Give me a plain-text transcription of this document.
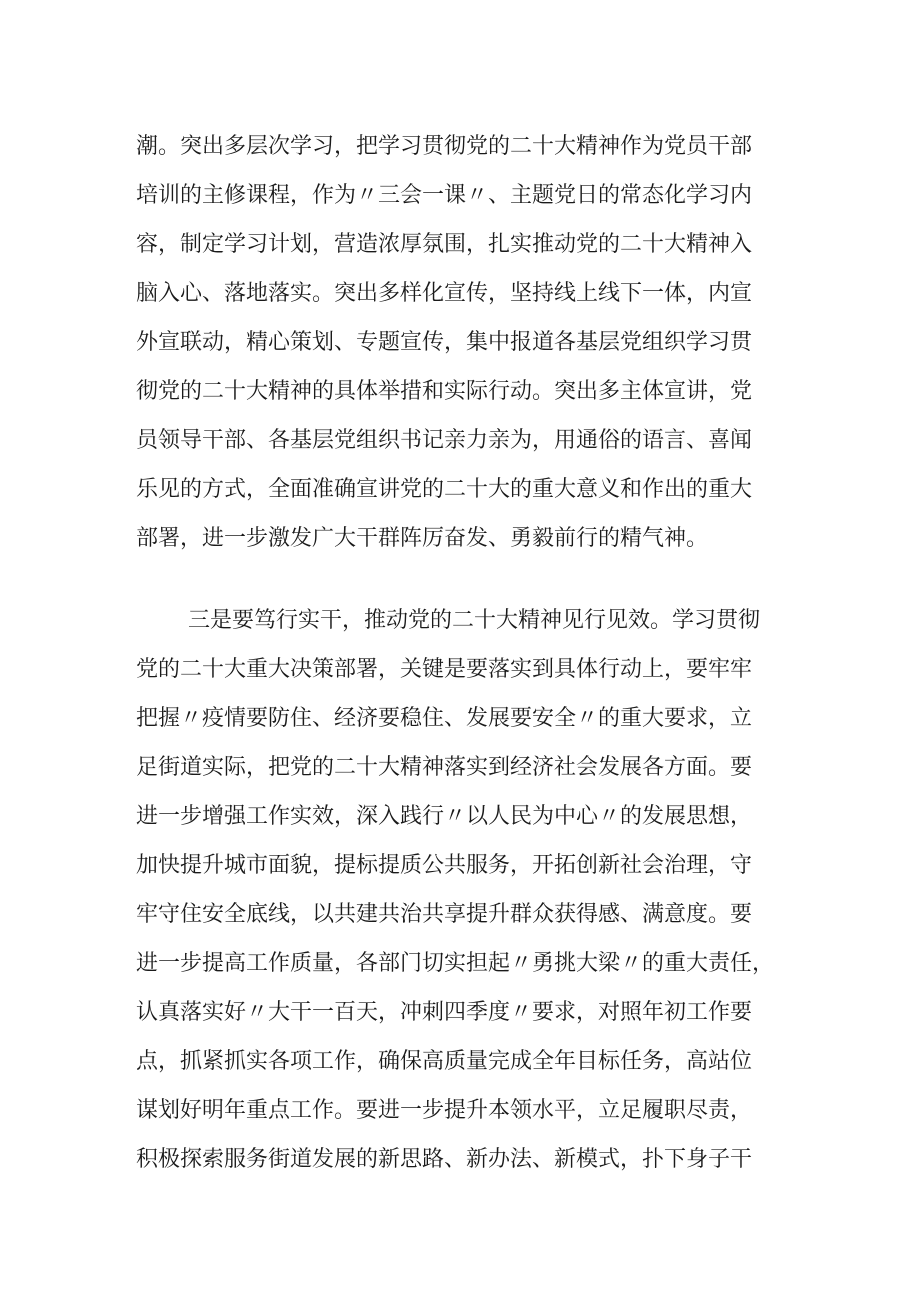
潮。突出多层次学习，把学习贯彻党的二十大精神作为党员干部
培训的主修课程，作为〃三会一课〃、主题党日的常态化学习内
容，制定学习计划，营造浓厚氛围，扎实推动党的二十大精神入
脑入心、落地落实。突出多样化宣传，坚持线上线下一体，内宣
外宣联动，精心策划、专题宣传，集中报道各基层党组织学习贯
彻党的二十大精神的具体举措和实际行动。突出多主体宣讲，党
员领导干部、各基层党组织书记亲力亲为，用通俗的语言、喜闻
乐见的方式，全面准确宣讲党的二十大的重大意义和作出的重大
部署，进一步激发广大干群阵厉奋发、勇毅前行的精气神。
三是要笃行实干，推动党的二十大精神见行见效。学习贯彻
党的二十大重大决策部署，关键是要落实到具体行动上，要牢牢
把握〃疫情要防住、经济要稳住、发展要安全〃的重大要求，立
足街道实际，把党的二十大精神落实到经济社会发展各方面。要
进一步增强工作实效，深入践行〃以人民为中心〃的发展思想，
加快提升城市面貌，提标提质公共服务，开拓创新社会治理，守
牢守住安全底线，以共建共治共享提升群众获得感、满意度。要
进一步提高工作质量，各部门切实担起〃勇挑大梁〃的重大责任，
认真落实好〃大干一百天，冲刺四季度〃要求，对照年初工作要
点，抓紧抓实各项工作，确保高质量完成全年目标任务，高站位
谋划好明年重点工作。要进一步提升本领水平，立足履职尽责，
积极探索服务街道发展的新思路、新办法、新模式，扑下身子干
